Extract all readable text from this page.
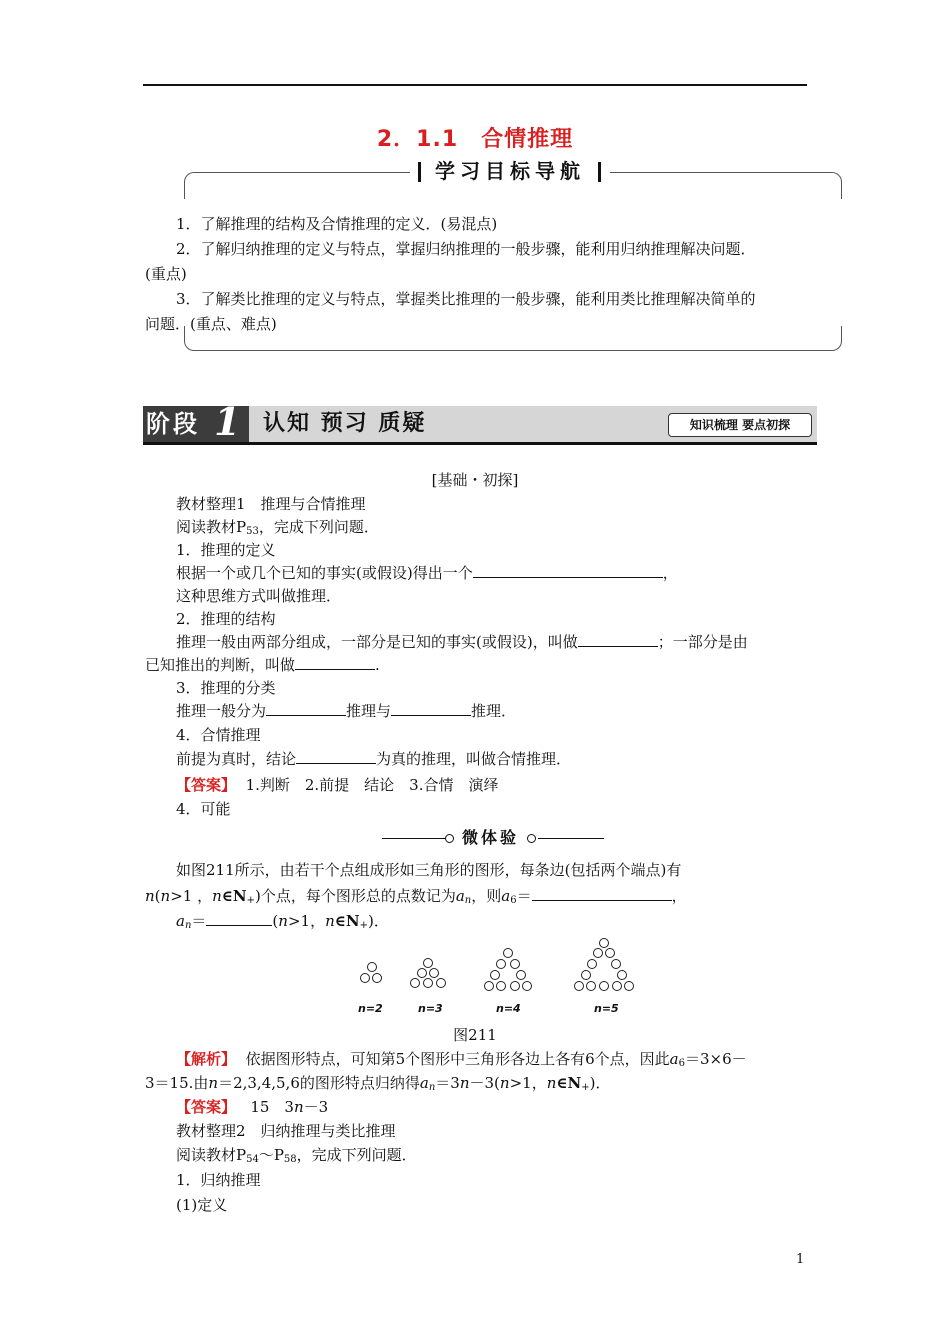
2．1.1　合情推理
学习目标导航
1．了解推理的结构及合情推理的定义．(易混点)
2．了解归纳推理的定义与特点，掌握归纳推理的一般步骤，能利用归纳推理解决问题．
(重点)
3．了解类比推理的定义与特点，掌握类比推理的一般步骤，能利用类比推理解决简单的
问题．(重点、难点)
阶段 1 认知 预习 质疑	知识梳理 要点初探
[基础・初探]
教材整理1　推理与合情推理
阅读教材$P_{53}$，完成下列问题．
1．推理的定义
根据一个或几个已知的事实(或假设)得出一个	，
这种思维方式叫做推理．
2．推理的结构
推理一般由两部分组成，一部分是已知的事实(或假设)，叫做	；一部分是由
已知推出的判断，叫做	.
3．推理的分类
推理一般分为	推理与	推理．
4．合情推理
前提为真时，结论	为真的推理，叫做合情推理．
【答案】 1.判断　2.前提　结论　3.合情　演绎
4．可能
微体验
如图211所示，由若干个点组成形如三角形的图形，每条边(包括两个端点)有
n(n>1 ，$n\in N_+$)个点，每个图形总的点数记为$a_n$，则$a_6=$	，
$a_n=$	(n>1，$n\in N_+$)．
n=2	n=3	n=4	n=5
图211
【解析】 依据图形特点，可知第5个图形中三角形各边上各有6个点，因此$a_6=3\times 6-$
3＝15.由n＝2,3,4,5,6的图形特点归纳得$a_n=3n-3(n>1$，$n\in N_+$)．
【答案】 15　3n－3
教材整理2　归纳推理与类比推理
阅读教材$P_{54}\sim P_{58}$，完成下列问题．
1．归纳推理
(1)定义
1
